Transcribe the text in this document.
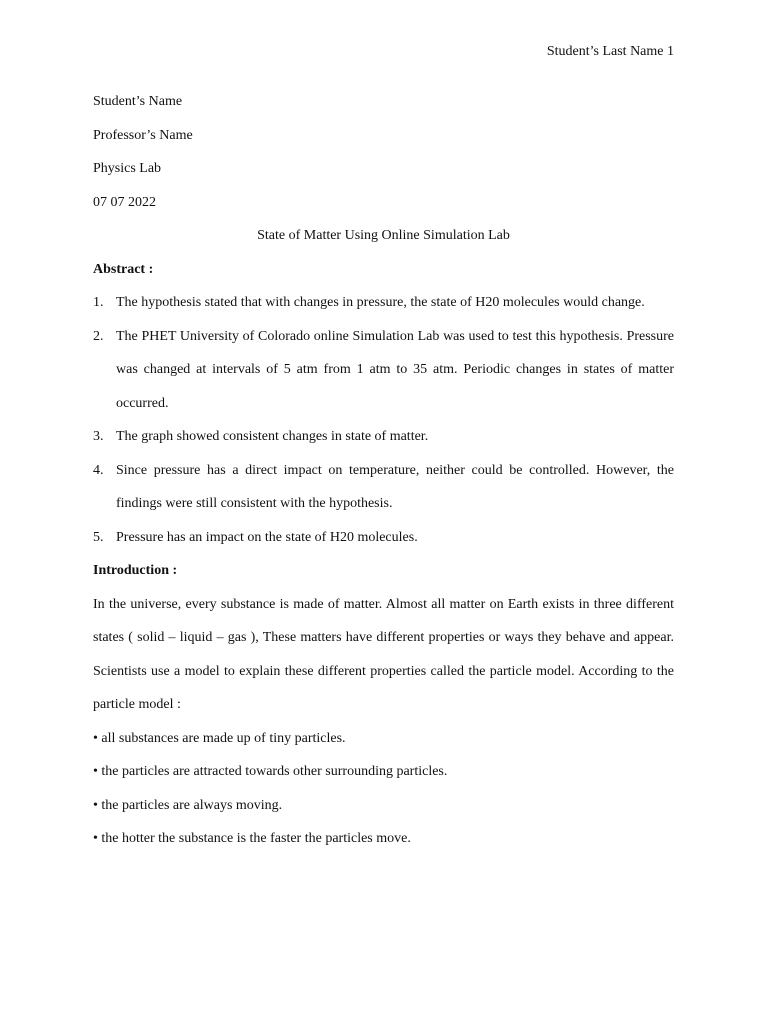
Student’s Last Name 1
Student’s Name
Professor’s Name
Physics Lab
07 07 2022
State of Matter Using Online Simulation Lab
Abstract :
1. The hypothesis stated that with changes in pressure, the state of H20 molecules would change.
2. The PHET University of Colorado online Simulation Lab was used to test this hypothesis. Pressure was changed at intervals of 5 atm from 1 atm to 35 atm. Periodic changes in states of matter occurred.
3. The graph showed consistent changes in state of matter.
4. Since pressure has a direct impact on temperature, neither could be controlled. However, the findings were still consistent with the hypothesis.
5. Pressure has an impact on the state of H20 molecules.
Introduction :

In the universe, every substance is made of matter. Almost all matter on Earth exists in three different states ( solid – liquid – gas ), These matters have different properties or ways they behave and appear. Scientists use a model to explain these different properties called the particle model. According to the particle model :

• all substances are made up of tiny particles.
• the particles are attracted towards other surrounding particles.
• the particles are always moving.
• the hotter the substance is the faster the particles move.
